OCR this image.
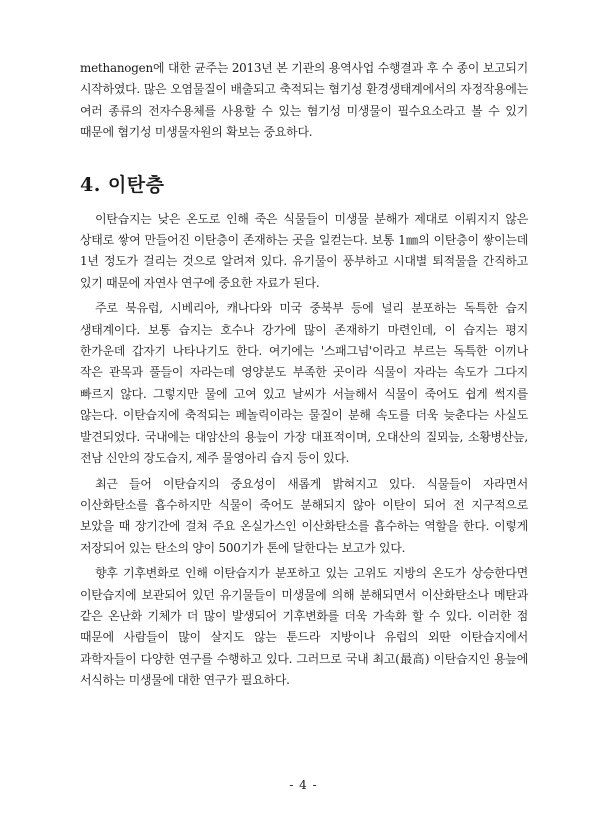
methanogen에 대한 균주는 2013년 본 기관의 용역사업 수행결과 후 수 종이 보고되기 시작하였다. 많은 오염물질이 배출되고 축적되는 혐기성 환경생태계에서의 자정작용에는 여러 종류의 전자수용체를 사용할 수 있는 혐기성 미생물이 필수요소라고 볼 수 있기 때문에 혐기성 미생물자원의 확보는 중요하다.

4. 이탄층

이탄습지는 낮은 온도로 인해 죽은 식물들이 미생물 분해가 제대로 이뤄지지 않은 상태로 쌓여 만들어진 이탄층이 존재하는 곳을 일컫는다. 보통 1㎜의 이탄층이 쌓이는데 1년 정도가 걸리는 것으로 알려져 있다. 유기물이 풍부하고 시대별 퇴적물을 간직하고 있기 때문에 자연사 연구에 중요한 자료가 된다.

주로 북유럽, 시베리아, 캐나다와 미국 중북부 등에 널리 분포하는 독특한 습지 생태계이다. 보통 습지는 호수나 강가에 많이 존재하기 마련인데, 이 습지는 평지 한가운데 갑자기 나타나기도 한다. 여기에는 '스패그넘'이라고 부르는 독특한 이끼나 작은 관목과 풀들이 자라는데 영양분도 부족한 곳이라 식물이 자라는 속도가 그다지 빠르지 않다. 그렇지만 물에 고여 있고 날씨가 서늘해서 식물이 죽어도 쉽게 썩지를 않는다. 이탄습지에 축적되는 페놀릭이라는 물질이 분해 속도를 더욱 늦춘다는 사실도 발견되었다. 국내에는 대암산의 용늪이 가장 대표적이며, 오대산의 질뫼늪, 소황병산늪, 전남 신안의 장도습지, 제주 물영아리 습지 등이 있다.

최근 들어 이탄습지의 중요성이 새롭게 밝혀지고 있다. 식물들이 자라면서 이산화탄소를 흡수하지만 식물이 죽어도 분해되지 않아 이탄이 되어 전 지구적으로 보았을 때 장기간에 걸쳐 주요 온실가스인 이산화탄소를 흡수하는 역할을 한다. 이렇게 저장되어 있는 탄소의 양이 500기가 톤에 달한다는 보고가 있다.

향후 기후변화로 인해 이탄습지가 분포하고 있는 고위도 지방의 온도가 상승한다면 이탄습지에 보관되어 있던 유기물들이 미생물에 의해 분해되면서 이산화탄소나 메탄과 같은 온난화 기체가 더 많이 발생되어 기후변화를 더욱 가속화 할 수 있다. 이러한 점 때문에 사람들이 많이 살지도 않는 툰드라 지방이나 유럽의 외딴 이탄습지에서 과학자들이 다양한 연구를 수행하고 있다. 그러므로 국내 최고(最高) 이탄습지인 용늪에 서식하는 미생물에 대한 연구가 필요하다.

- 4 -
